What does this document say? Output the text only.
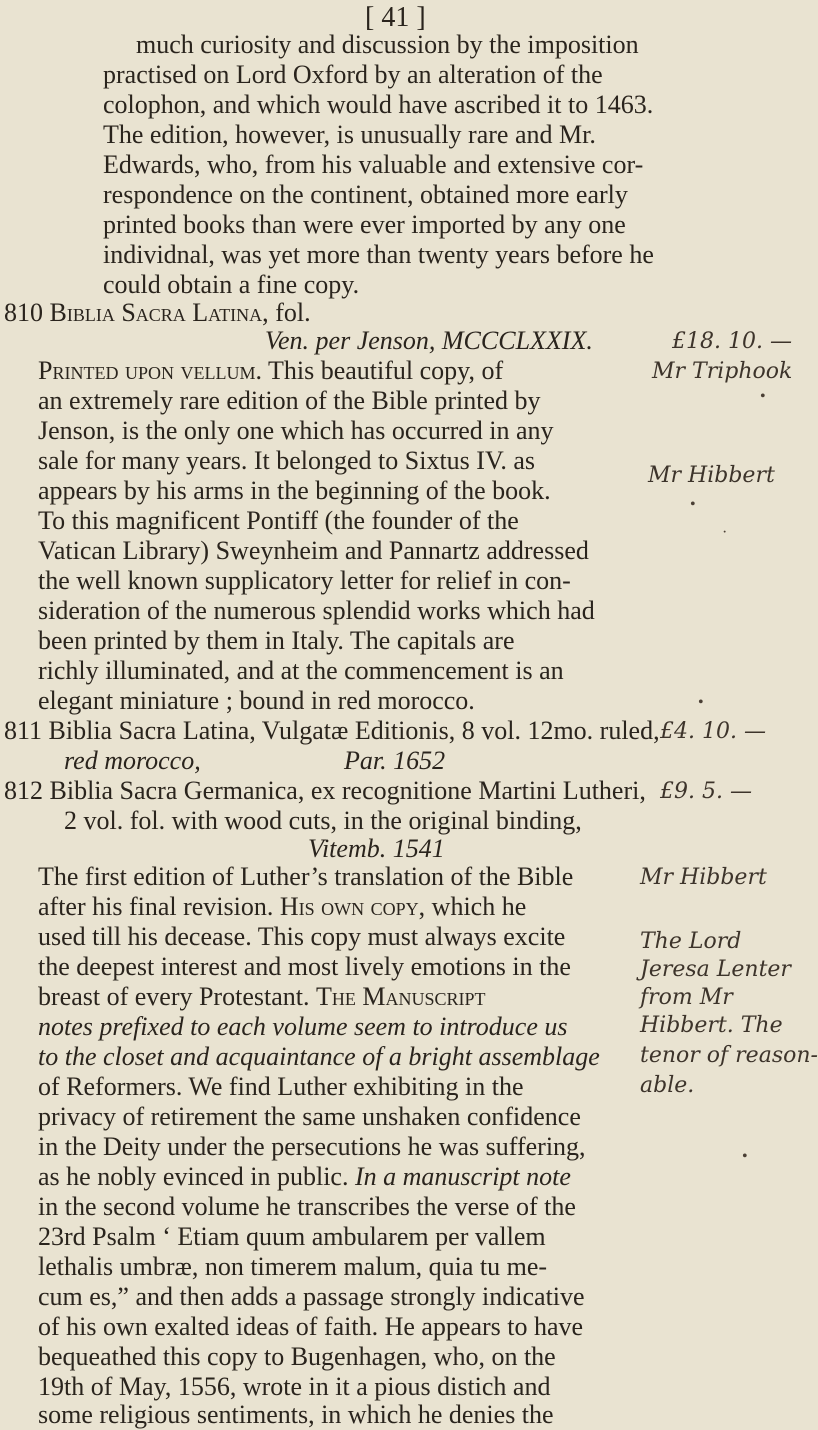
[ 41 ]
much curiosity and discussion by the imposition
practised on Lord Oxford by an alteration of the
colophon, and which would have ascribed it to 1463.
The edition, however, is unusually rare and Mr.
Edwards, who, from his valuable and extensive cor-
respondence on the continent, obtained more early
printed books than were ever imported by any one
individnal, was yet more than twenty years before he
could obtain a fine copy.
810 Biblia Sacra Latina, fol.
Ven. per Jenson, MCCCLXXIX.
Printed upon vellum. This beautiful copy, of
an extremely rare edition of the Bible printed by
Jenson, is the only one which has occurred in any
sale for many years. It belonged to Sixtus IV. as
appears by his arms in the beginning of the book.
To this magnificent Pontiff (the founder of the
Vatican Library) Sweynheim and Pannartz addressed
the well known supplicatory letter for relief in con-
sideration of the numerous splendid works which had
been printed by them in Italy. The capitals are
richly illuminated, and at the commencement is an
elegant miniature ; bound in red morocco.
811 Biblia Sacra Latina, Vulgatæ Editionis, 8 vol. 12mo. ruled,
red morocco,	Par. 1652
812 Biblia Sacra Germanica, ex recognitione Martini Lutheri,
2 vol. fol. with wood cuts, in the original binding,
Vitemb. 1541
The first edition of Luther’s translation of the Bible
after his final revision. His own copy, which he
used till his decease. This copy must always excite
the deepest interest and most lively emotions in the
breast of every Protestant. The Manuscript
notes prefixed to each volume seem to introduce us
to the closet and acquaintance of a bright assemblage
of Reformers. We find Luther exhibiting in the
privacy of retirement the same unshaken confidence
in the Deity under the persecutions he was suffering,
as he nobly evinced in public. In a manuscript note
in the second volume he transcribes the verse of the
23rd Psalm ‘ Etiam quum ambularem per vallem
lethalis umbræ, non timerem malum, quia tu me-
cum es,” and then adds a passage strongly indicative
of his own exalted ideas of faith. He appears to have
bequeathed this copy to Bugenhagen, who, on the
19th of May, 1556, wrote in it a pious distich and
some religious sentiments, in which he denies the
£18. 10. —
Mr Triphook
Mr Hibbert
£4. 10. —
£9. 5. —
Mr Hibbert
The Lord
Jeresa Lenter
from Mr
Hibbert. The
tenor of reason-
able.
•
•
·
•
•
